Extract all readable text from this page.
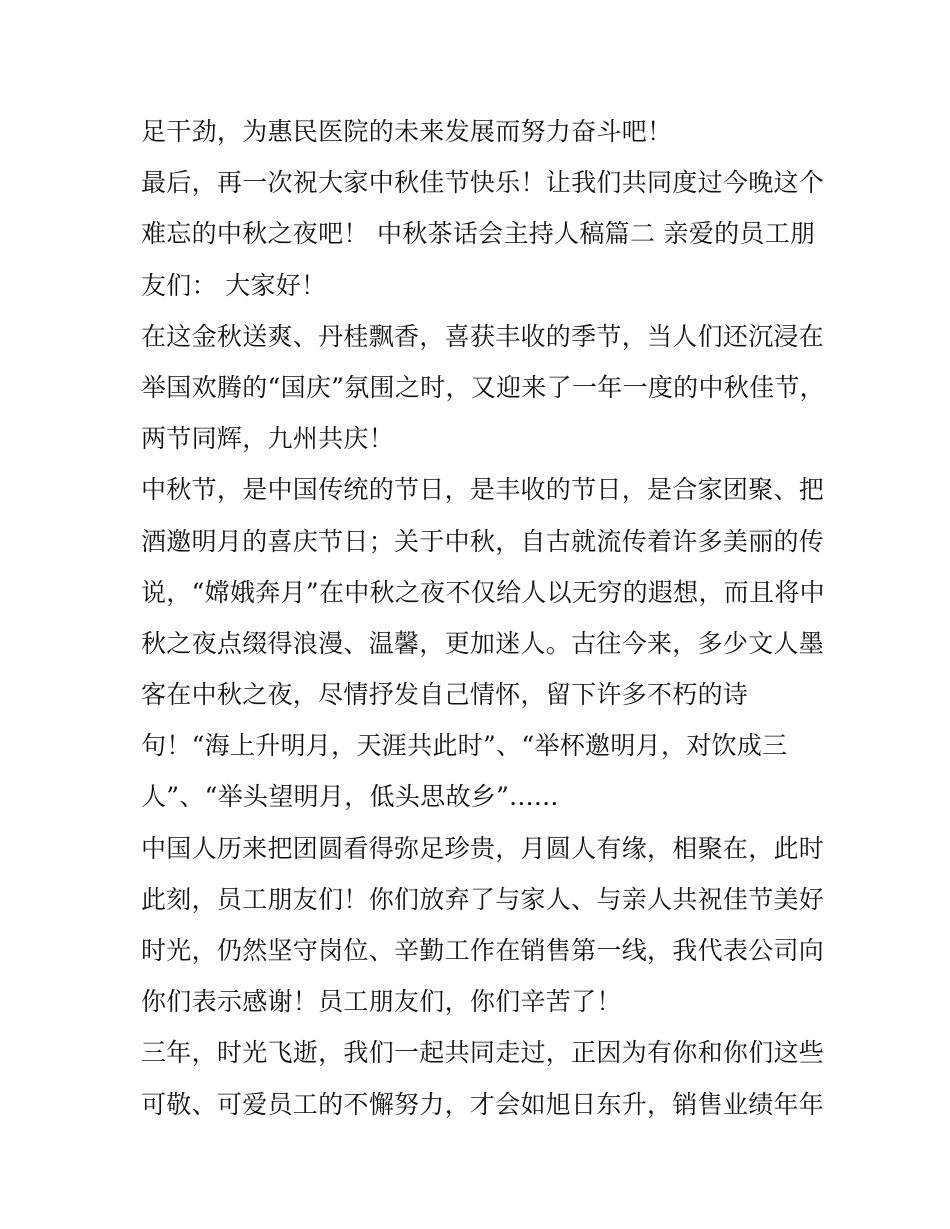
足干劲，为惠民医院的未来发展而努力奋斗吧！
最后，再一次祝大家中秋佳节快乐！让我们共同度过今晚这个
难忘的中秋之夜吧！ 中秋茶话会主持人稿篇二 亲爱的员工朋
友们： 大家好！
在这金秋送爽、丹桂飘香，喜获丰收的季节，当人们还沉浸在
举国欢腾的“国庆”氛围之时，又迎来了一年一度的中秋佳节，
两节同辉，九州共庆！
中秋节，是中国传统的节日，是丰收的节日，是合家团聚、把
酒邀明月的喜庆节日；关于中秋，自古就流传着许多美丽的传
说，“嫦娥奔月”在中秋之夜不仅给人以无穷的遐想，而且将中
秋之夜点缀得浪漫、温馨，更加迷人。古往今来，多少文人墨
客在中秋之夜，尽情抒发自己情怀，留下许多不朽的诗
句！“海上升明月，天涯共此时”、“举杯邀明月，对饮成三
人”、“举头望明月，低头思故乡”......
中国人历来把团圆看得弥足珍贵，月圆人有缘，相聚在，此时
此刻，员工朋友们！你们放弃了与家人、与亲人共祝佳节美好
时光，仍然坚守岗位、辛勤工作在销售第一线，我代表公司向
你们表示感谢！员工朋友们，你们辛苦了！
三年，时光飞逝，我们一起共同走过，正因为有你和你们这些
可敬、可爱员工的不懈努力，才会如旭日东升，销售业绩年年
